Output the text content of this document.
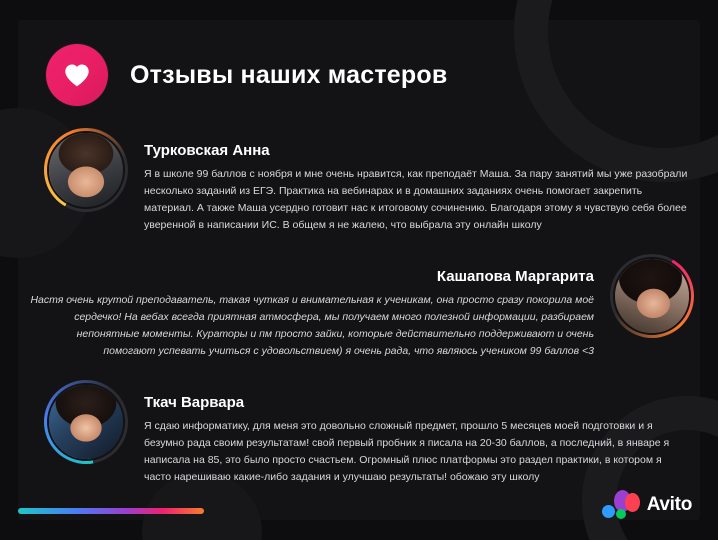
Отзывы наших мастеров
Турковская Анна

Я в школе 99 баллов с ноября и мне очень нравится, как преподаёт Маша. За пару занятий мы уже разобрали несколько заданий из ЕГЭ. Практика на вебинарах и в домашних заданиях очень помогает закрепить материал. А также Маша усердно готовит нас к итоговому сочинению. Благодаря этому я чувствую себя более уверенной в написании ИС. В общем я не жалею, что выбрала эту онлайн школу

Кашапова Маргарита

Настя очень крутой преподаватель, такая чуткая и внимательная к ученикам, она просто сразу покорила моё сердечко! На вебах всегда приятная атмосфера, мы получаем много полезной информации, разбираем непонятные моменты. Кураторы и пм просто зайки, которые действительно поддерживают и очень помогают успевать учиться с удовольствием) я очень рада, что являюсь учеником 99 баллов <3

Ткач Варвара

Я сдаю информатику, для меня это довольно сложный предмет, прошло 5 месяцев моей подготовки и я безумно рада своим результатам! свой первый пробник я писала на 20-30 баллов, а последний, в январе я написала на 85, это было просто счастьем. Огромный плюс платформы это раздел практики, в котором я часто нарешиваю какие-либо задания и улучшаю результаты! обожаю эту школу

Avito
